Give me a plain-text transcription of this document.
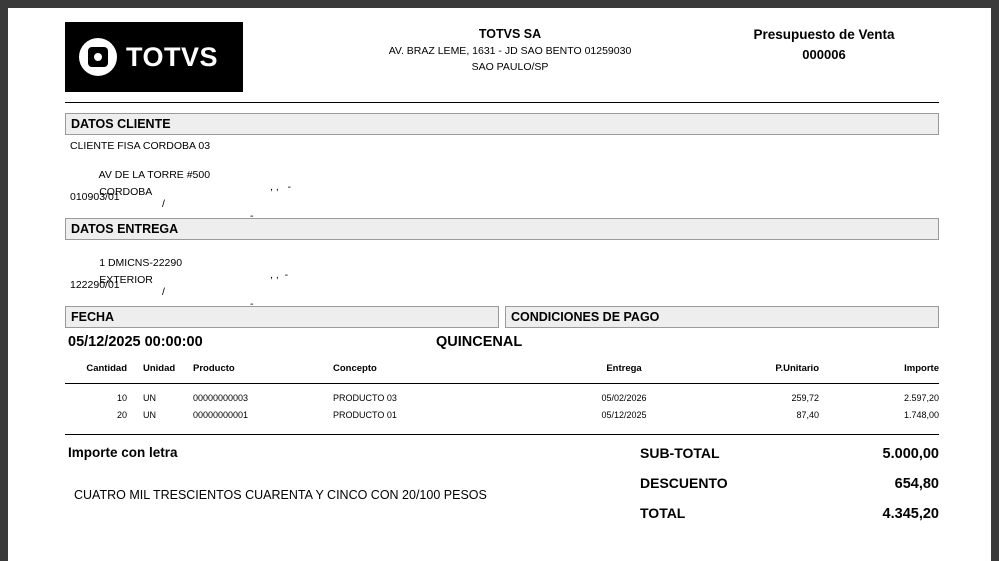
TOTVS
TOTVS SA
AV. BRAZ LEME, 1631 - JD SAO BENTO 01259030
SAO PAULO/SP
Presupuesto de Venta
000006
DATOS CLIENTE
CLIENTE FISA CORDOBA 03

AV DE LA TORRE #500

, ,   -

CORDOBA

/

-

010903/01
DATOS ENTREGA

1 DMICNS-22290

, ,  -

EXTERIOR

/

-

122290/01
FECHA	CONDICIONES DE PAGO
05/12/2025 00:00:00	QUINCENAL
Cantidad	Unidad	Producto	Concepto	Entrega	P.Unitario	Importe
10	UN	00000000003	PRODUCTO 03	05/02/2026	259,72	2.597,20
20	UN	00000000001	PRODUCTO 01	05/12/2025	87,40	1.748,00
Importe con letra
CUATRO MIL TRESCIENTOS CUARENTA Y CINCO CON 20/100 PESOS
SUB-TOTAL	5.000,00
DESCUENTO	654,80
TOTAL	4.345,20
